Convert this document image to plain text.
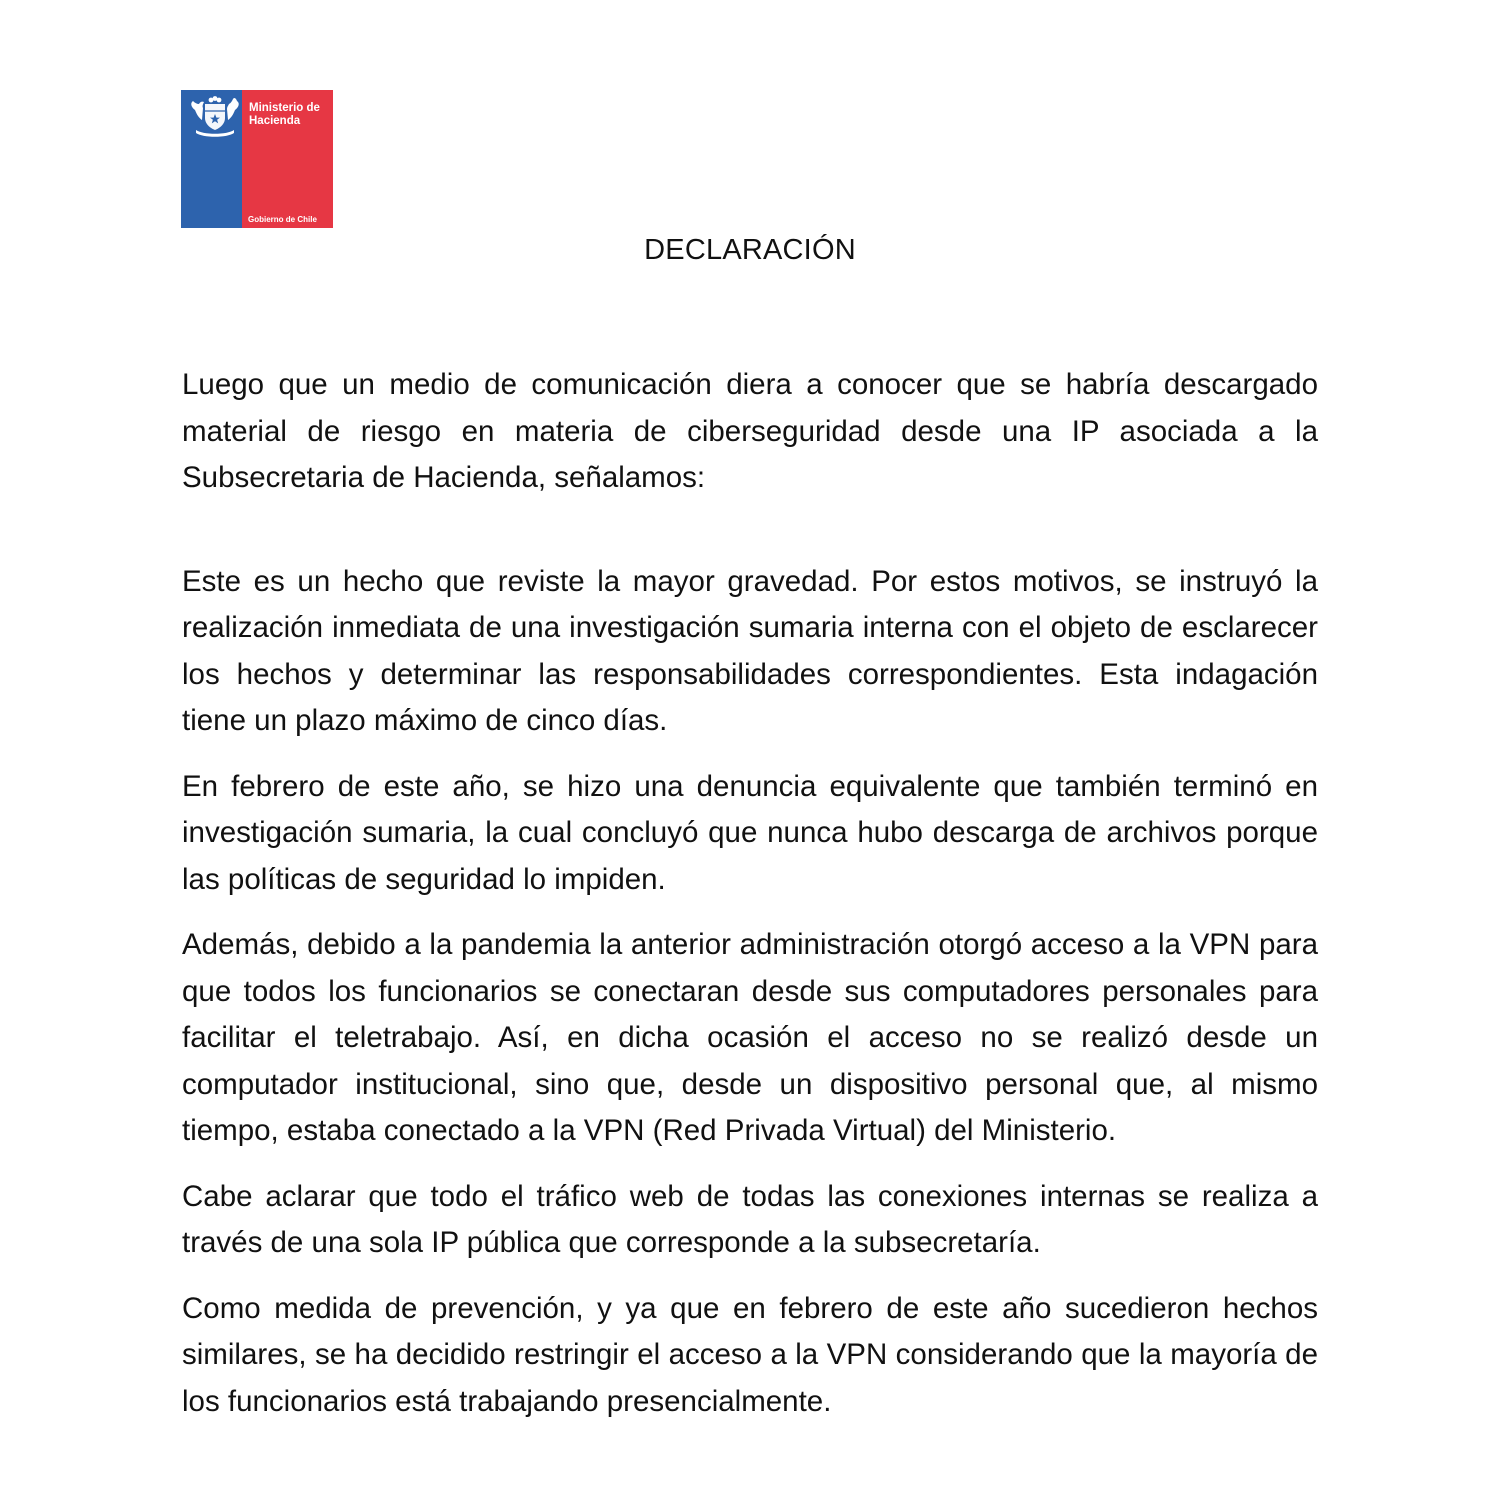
Ministerio de Hacienda
Gobierno de Chile
DECLARACIÓN

Luego que un medio de comunicación diera a conocer que se habría descargado material de riesgo en materia de ciberseguridad desde una IP asociada a la Subsecretaria de Hacienda, señalamos:

Este es un hecho que reviste la mayor gravedad. Por estos motivos, se instruyó la realización inmediata de una investigación sumaria interna con el objeto de esclarecer los hechos y determinar las responsabilidades correspondientes. Esta indagación tiene un plazo máximo de cinco días.

En febrero de este año, se hizo una denuncia equivalente que también terminó en investigación sumaria, la cual concluyó que nunca hubo descarga de archivos porque las políticas de seguridad lo impiden.

Además, debido a la pandemia la anterior administración otorgó acceso a la VPN para que todos los funcionarios se conectaran desde sus computadores personales para facilitar el teletrabajo. Así, en dicha ocasión el acceso no se realizó desde un computador institucional, sino que, desde un dispositivo personal que, al mismo tiempo, estaba conectado a la VPN (Red Privada Virtual) del Ministerio.

Cabe aclarar que todo el tráfico web de todas las conexiones internas se realiza a través de una sola IP pública que corresponde a la subsecretaría.

Como medida de prevención, y ya que en febrero de este año sucedieron hechos similares, se ha decidido restringir el acceso a la VPN considerando que la mayoría de los funcionarios está trabajando presencialmente.
